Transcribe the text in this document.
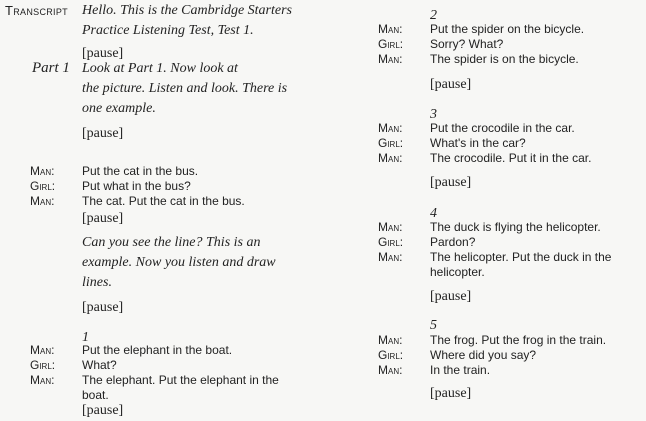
Transcript Hello. This is the Cambridge Starters

Practice Listening Test, Test 1.

[pause]

Part 1 Look at Part 1. Now look at

the picture. Listen and look. There is

one example.

[pause]

Man:	Put the cat in the bus.
Girl:	Put what in the bus?
Man:	The cat. Put the cat in the bus.

[pause]

Can you see the line? This is an

example. Now you listen and draw

lines.

[pause]

1
Man:	Put the elephant in the boat.
Girl:	What?
Man:	The elephant. Put the elephant in the
boat.

[pause]

2
Man:	Put the spider on the bicycle.
Girl:	Sorry? What?
Man:	The spider is on the bicycle.

[pause]

3
Man:	Put the crocodile in the car.
Girl:	What's in the car?
Man:	The crocodile. Put it in the car.

[pause]

4
Man:	The duck is flying the helicopter.
Girl:	Pardon?
Man:	The helicopter. Put the duck in the
helicopter.

[pause]

5
Man:	The frog. Put the frog in the train.
Girl:	Where did you say?
Man:	In the train.

[pause]
